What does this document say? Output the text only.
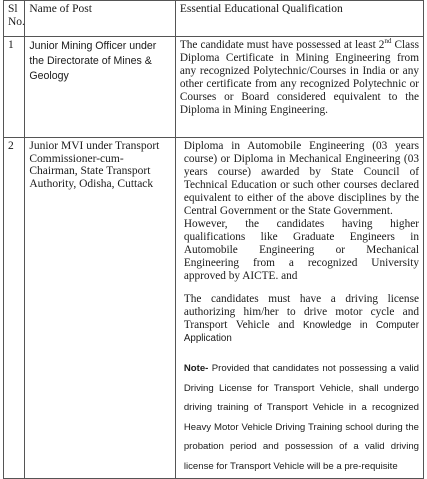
Sl No.	Name of Post	Essential Educational Qualification
1	Junior Mining Officer under the Directorate of Mines & Geology	The candidate must have possessed at least 2nd Class Diploma Certificate in Mining Engineering from any recognized Polytechnic/Courses in India or any other certificate from any recognized Polytechnic or Courses or Board considered equivalent to the Diploma in Mining Engineering.
2	Junior MVI under Transport Commissioner-cum-Chairman, State Transport Authority, Odisha, Cuttack	Diploma in Automobile Engineering (03 years course) or Diploma in Mechanical Engineering (03 years course) awarded by State Council of Technical Education or such other courses declared equivalent to either of the above disciplines by the Central Government or the State Government.

However, the candidates having higher qualifications like Graduate Engineers in Automobile Engineering or Mechanical Engineering from a recognized University approved by AICTE. and

The candidates must have a driving license authorizing him/her to drive motor cycle and Transport Vehicle and Knowledge in Computer Application

Note- Provided that candidates not possessing a valid Driving License for Transport Vehicle, shall undergo driving training of Transport Vehicle in a recognized Heavy Motor Vehicle Driving Training school during the probation period and possession of a valid driving license for Transport Vehicle will be a pre-requisite
